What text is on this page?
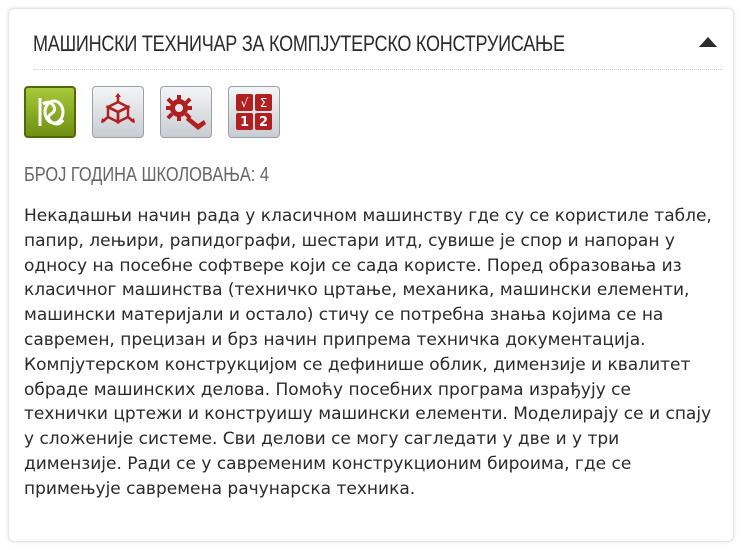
МАШИНСКИ ТЕХНИЧАР ЗА КОМПЈУТЕРСКО КОНСТРУИСАЊЕ
√ Σ
1 2
БРОЈ ГОДИНА ШКОЛОВАЊА: 4

Некадашњи начин рада у класичном машинству где су се користиле табле, папир, лењири, рапидографи, шестари итд, сувише је спор и напоран у односу на посебне софтвере који се сада користе. Поред образовања из класичног машинства (техничко цртање, механика, машински елементи, машински материјали и остало) стичу се потребна знања којима се на савремен, прецизан и брз начин припрема техничка документација. Компјутерском конструкцијом се дефинише облик, димензије и квалитет обраде машинских делова. Помоћу посебних програма израђују се технички цртежи и конструишу машински елементи. Моделирају се и спају у сложеније системе. Сви делови се могу сагледати у две и у три димензије. Ради се у савременим конструкционим бироима, где се примењује савремена рачунарска техника.
